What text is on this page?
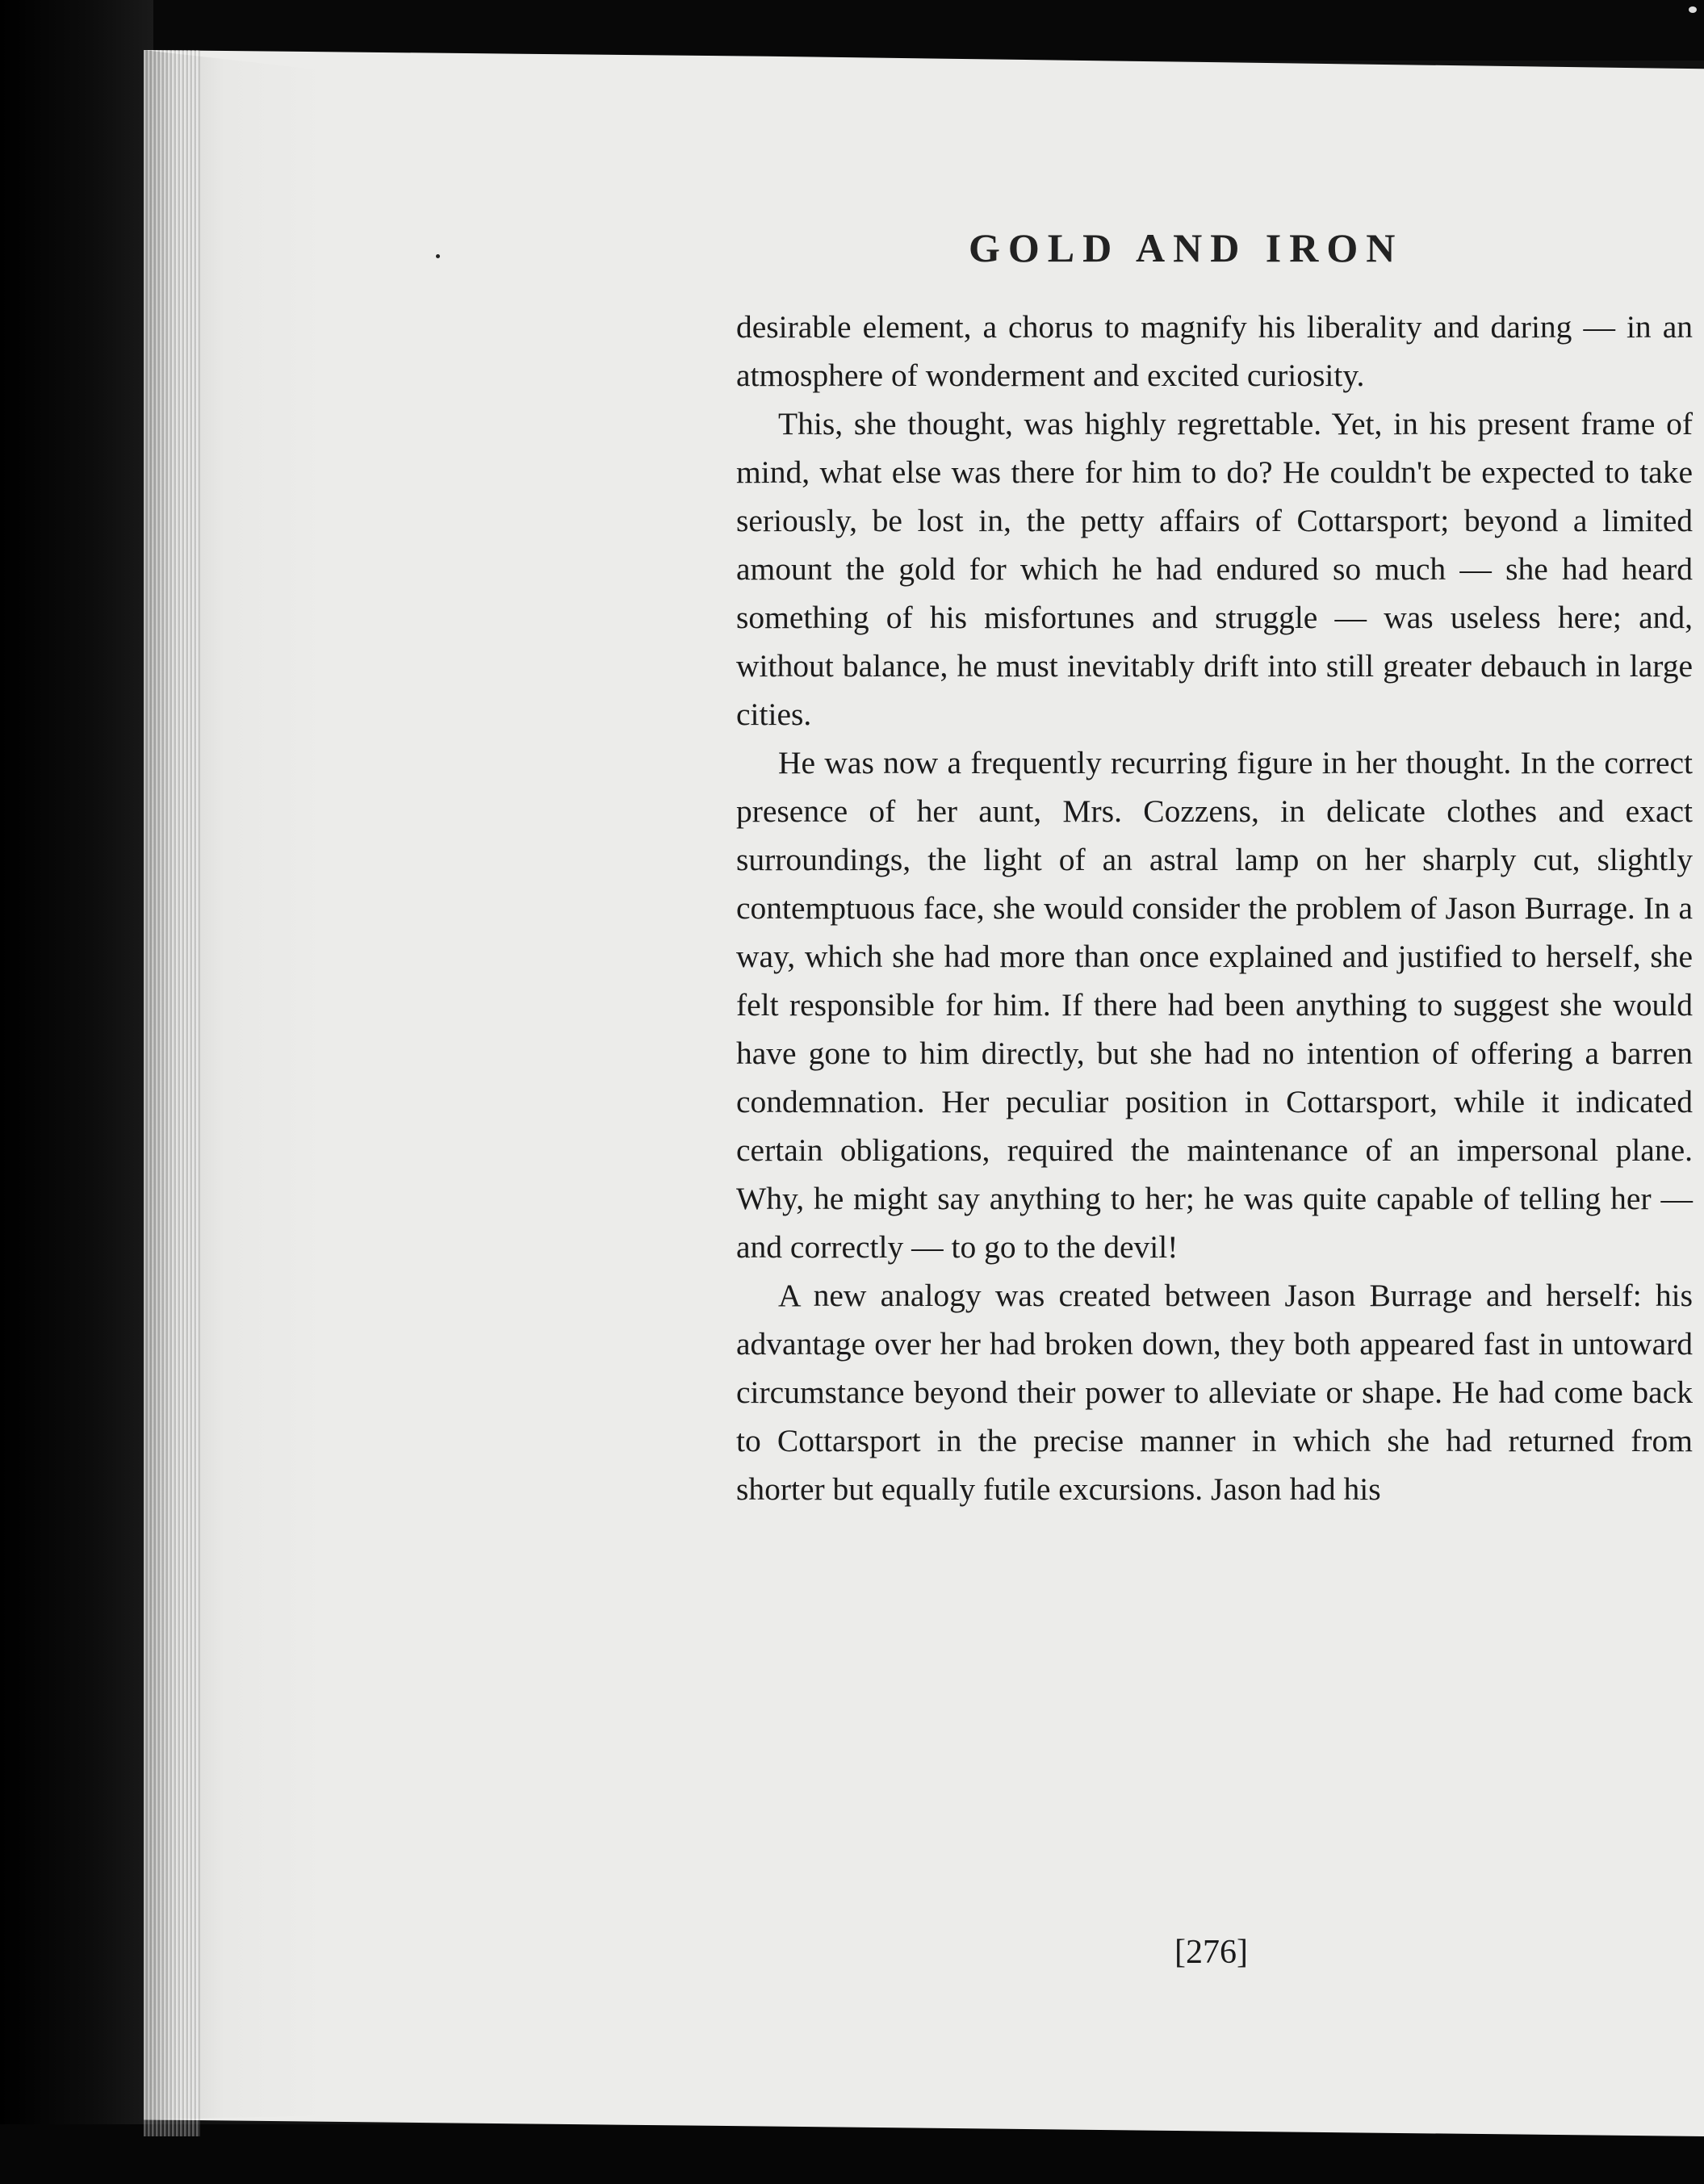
GOLD AND IRON

desirable element, a chorus to magnify his liberality and daring — in an atmosphere of wonderment and excited curiosity.

This, she thought, was highly regrettable. Yet, in his present frame of mind, what else was there for him to do? He couldn't be expected to take seriously, be lost in, the petty affairs of Cottarsport; beyond a limited amount the gold for which he had endured so much — she had heard something of his misfortunes and struggle — was useless here; and, without balance, he must inevitably drift into still greater debauch in large cities.

He was now a frequently recurring figure in her thought. In the correct presence of her aunt, Mrs. Cozzens, in delicate clothes and exact surroundings, the light of an astral lamp on her sharply cut, slightly contemptuous face, she would consider the problem of Jason Burrage. In a way, which she had more than once explained and justified to herself, she felt responsible for him. If there had been anything to suggest she would have gone to him directly, but she had no intention of offering a barren condemnation. Her peculiar position in Cottarsport, while it indicated certain obligations, required the maintenance of an impersonal plane. Why, he might say anything to her; he was quite capable of telling her — and correctly — to go to the devil!

A new analogy was created between Jason Burrage and herself: his advantage over her had broken down, they both appeared fast in untoward circumstance beyond their power to alleviate or shape. He had come back to Cottarsport in the precise manner in which she had returned from shorter but equally futile excursions. Jason had his

[276]
